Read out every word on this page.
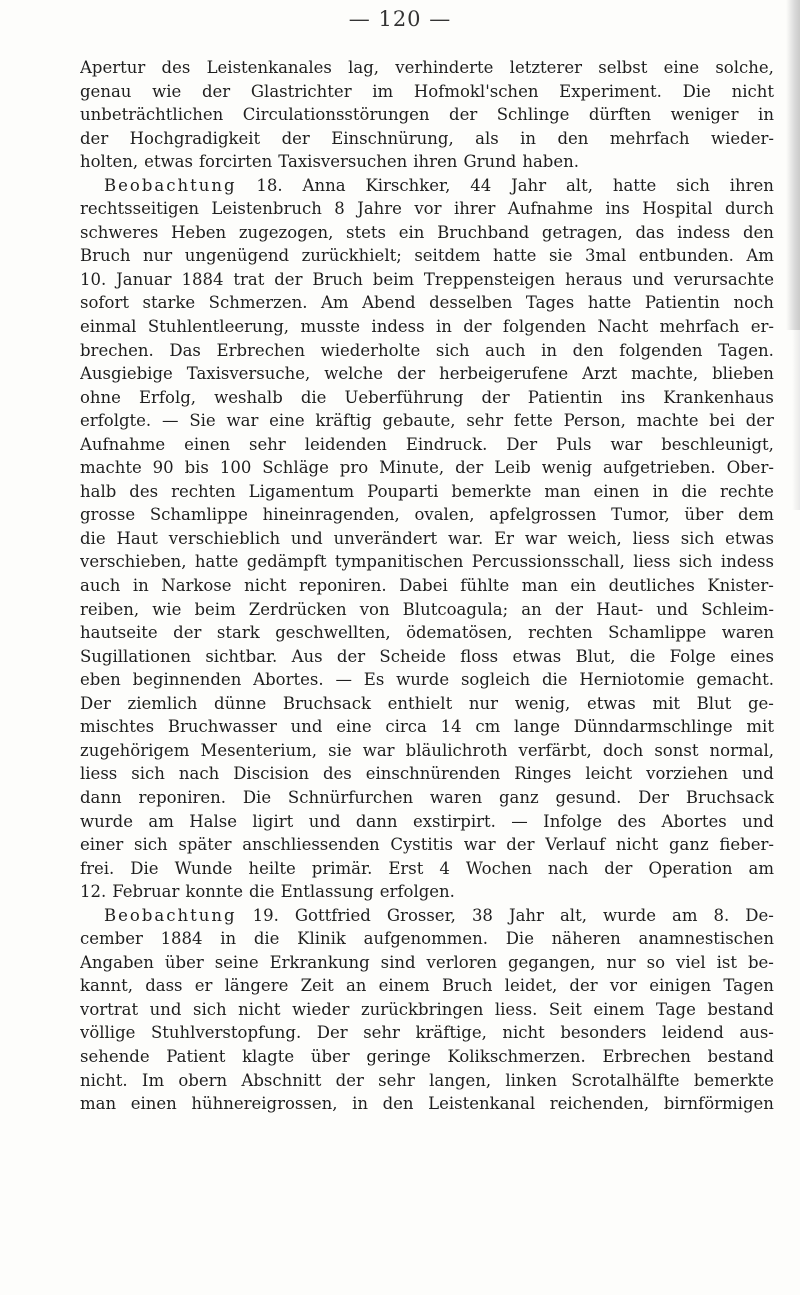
— 120 —
Apertur des Leistenkanales lag, verhinderte letzterer selbst eine solche,
genau wie der Glastrichter im Hofmokl'schen Experiment. Die nicht
unbeträchtlichen Circulationsstörungen der Schlinge dürften weniger in
der Hochgradigkeit der Einschnürung, als in den mehrfach wieder-
holten, etwas forcirten Taxisversuchen ihren Grund haben.
Beobachtung 18. Anna Kirschker, 44 Jahr alt, hatte sich ihren
rechtsseitigen Leistenbruch 8 Jahre vor ihrer Aufnahme ins Hospital durch
schweres Heben zugezogen, stets ein Bruchband getragen, das indess den
Bruch nur ungenügend zurückhielt; seitdem hatte sie 3mal entbunden. Am
10. Januar 1884 trat der Bruch beim Treppensteigen heraus und verursachte
sofort starke Schmerzen. Am Abend desselben Tages hatte Patientin noch
einmal Stuhlentleerung, musste indess in der folgenden Nacht mehrfach er-
brechen. Das Erbrechen wiederholte sich auch in den folgenden Tagen.
Ausgiebige Taxisversuche, welche der herbeigerufene Arzt machte, blieben
ohne Erfolg, weshalb die Ueberführung der Patientin ins Krankenhaus
erfolgte. — Sie war eine kräftig gebaute, sehr fette Person, machte bei der
Aufnahme einen sehr leidenden Eindruck. Der Puls war beschleunigt,
machte 90 bis 100 Schläge pro Minute, der Leib wenig aufgetrieben. Ober-
halb des rechten Ligamentum Pouparti bemerkte man einen in die rechte
grosse Schamlippe hineinragenden, ovalen, apfelgrossen Tumor, über dem
die Haut verschieblich und unverändert war. Er war weich, liess sich etwas
verschieben, hatte gedämpft tympanitischen Percussionsschall, liess sich indess
auch in Narkose nicht reponiren. Dabei fühlte man ein deutliches Knister-
reiben, wie beim Zerdrücken von Blutcoagula; an der Haut- und Schleim-
hautseite der stark geschwellten, ödematösen, rechten Schamlippe waren
Sugillationen sichtbar. Aus der Scheide floss etwas Blut, die Folge eines
eben beginnenden Abortes. — Es wurde sogleich die Herniotomie gemacht.
Der ziemlich dünne Bruchsack enthielt nur wenig, etwas mit Blut ge-
mischtes Bruchwasser und eine circa 14 cm lange Dünndarmschlinge mit
zugehörigem Mesenterium, sie war bläulichroth verfärbt, doch sonst normal,
liess sich nach Discision des einschnürenden Ringes leicht vorziehen und
dann reponiren. Die Schnürfurchen waren ganz gesund. Der Bruchsack
wurde am Halse ligirt und dann exstirpirt. — Infolge des Abortes und
einer sich später anschliessenden Cystitis war der Verlauf nicht ganz fieber-
frei. Die Wunde heilte primär. Erst 4 Wochen nach der Operation am
12. Februar konnte die Entlassung erfolgen.
Beobachtung 19. Gottfried Grosser, 38 Jahr alt, wurde am 8. De-
cember 1884 in die Klinik aufgenommen. Die näheren anamnestischen
Angaben über seine Erkrankung sind verloren gegangen, nur so viel ist be-
kannt, dass er längere Zeit an einem Bruch leidet, der vor einigen Tagen
vortrat und sich nicht wieder zurückbringen liess. Seit einem Tage bestand
völlige Stuhlverstopfung. Der sehr kräftige, nicht besonders leidend aus-
sehende Patient klagte über geringe Kolikschmerzen. Erbrechen bestand
nicht. Im obern Abschnitt der sehr langen, linken Scrotalhälfte bemerkte
man einen hühnereigrossen, in den Leistenkanal reichenden, birnförmigen
